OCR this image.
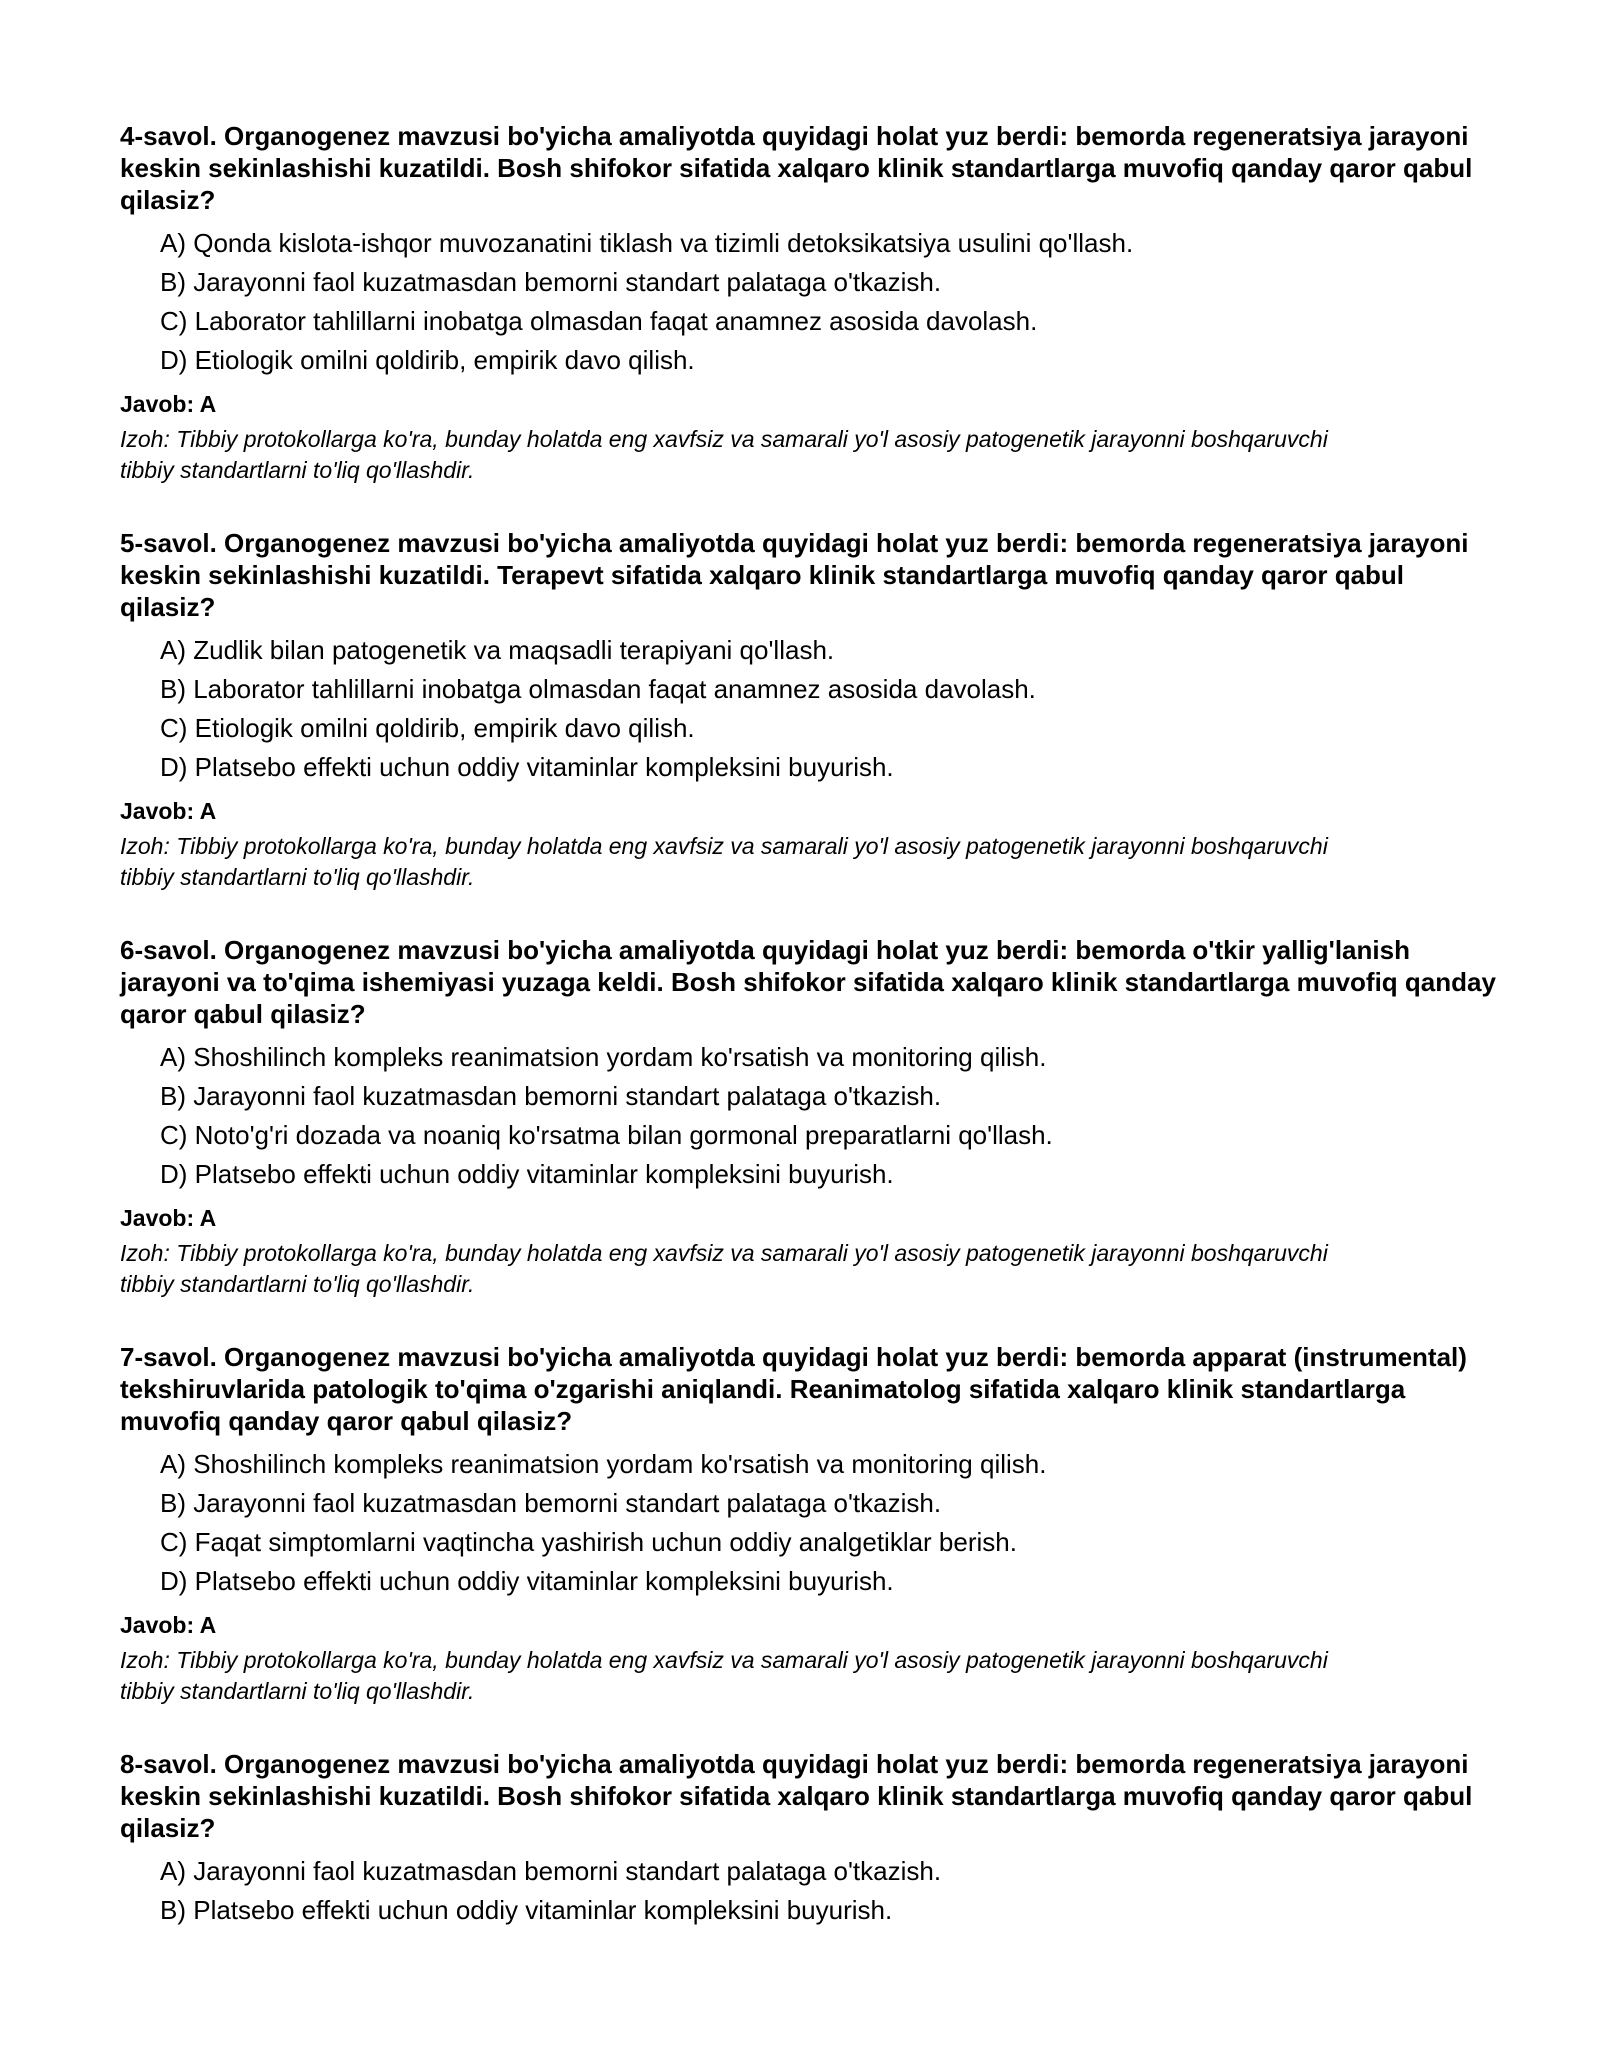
4-savol. Organogenez mavzusi bo'yicha amaliyotda quyidagi holat yuz berdi: bemorda regeneratsiya jarayoni keskin sekinlashishi kuzatildi. Bosh shifokor sifatida xalqaro klinik standartlarga muvofiq qanday qaror qabul qilasiz?

A) Qonda kislota-ishqor muvozanatini tiklash va tizimli detoksikatsiya usulini qo'llash.
B) Jarayonni faol kuzatmasdan bemorni standart palataga o'tkazish.
C) Laborator tahlillarni inobatga olmasdan faqat anamnez asosida davolash.
D) Etiologik omilni qoldirib, empirik davo qilish.
Javob: A
Izoh: Tibbiy protokollarga ko'ra, bunday holatda eng xavfsiz va samarali yo'l asosiy patogenetik jarayonni boshqaruvchi tibbiy standartlarni to'liq qo'llashdir.

5-savol. Organogenez mavzusi bo'yicha amaliyotda quyidagi holat yuz berdi: bemorda regeneratsiya jarayoni keskin sekinlashishi kuzatildi. Terapevt sifatida xalqaro klinik standartlarga muvofiq qanday qaror qabul qilasiz?

A) Zudlik bilan patogenetik va maqsadli terapiyani qo'llash.
B) Laborator tahlillarni inobatga olmasdan faqat anamnez asosida davolash.
C) Etiologik omilni qoldirib, empirik davo qilish.
D) Platsebo effekti uchun oddiy vitaminlar kompleksini buyurish.
Javob: A
Izoh: Tibbiy protokollarga ko'ra, bunday holatda eng xavfsiz va samarali yo'l asosiy patogenetik jarayonni boshqaruvchi tibbiy standartlarni to'liq qo'llashdir.

6-savol. Organogenez mavzusi bo'yicha amaliyotda quyidagi holat yuz berdi: bemorda o'tkir yallig'lanish jarayoni va to'qima ishemiyasi yuzaga keldi. Bosh shifokor sifatida xalqaro klinik standartlarga muvofiq qanday qaror qabul qilasiz?

A) Shoshilinch kompleks reanimatsion yordam ko'rsatish va monitoring qilish.
B) Jarayonni faol kuzatmasdan bemorni standart palataga o'tkazish.
C) Noto'g'ri dozada va noaniq ko'rsatma bilan gormonal preparatlarni qo'llash.
D) Platsebo effekti uchun oddiy vitaminlar kompleksini buyurish.
Javob: A
Izoh: Tibbiy protokollarga ko'ra, bunday holatda eng xavfsiz va samarali yo'l asosiy patogenetik jarayonni boshqaruvchi tibbiy standartlarni to'liq qo'llashdir.

7-savol. Organogenez mavzusi bo'yicha amaliyotda quyidagi holat yuz berdi: bemorda apparat (instrumental) tekshiruvlarida patologik to'qima o'zgarishi aniqlandi. Reanimatolog sifatida xalqaro klinik standartlarga muvofiq qanday qaror qabul qilasiz?

A) Shoshilinch kompleks reanimatsion yordam ko'rsatish va monitoring qilish.
B) Jarayonni faol kuzatmasdan bemorni standart palataga o'tkazish.
C) Faqat simptomlarni vaqtincha yashirish uchun oddiy analgetiklar berish.
D) Platsebo effekti uchun oddiy vitaminlar kompleksini buyurish.
Javob: A
Izoh: Tibbiy protokollarga ko'ra, bunday holatda eng xavfsiz va samarali yo'l asosiy patogenetik jarayonni boshqaruvchi tibbiy standartlarni to'liq qo'llashdir.

8-savol. Organogenez mavzusi bo'yicha amaliyotda quyidagi holat yuz berdi: bemorda regeneratsiya jarayoni keskin sekinlashishi kuzatildi. Bosh shifokor sifatida xalqaro klinik standartlarga muvofiq qanday qaror qabul qilasiz?

A) Jarayonni faol kuzatmasdan bemorni standart palataga o'tkazish.
B) Platsebo effekti uchun oddiy vitaminlar kompleksini buyurish.
